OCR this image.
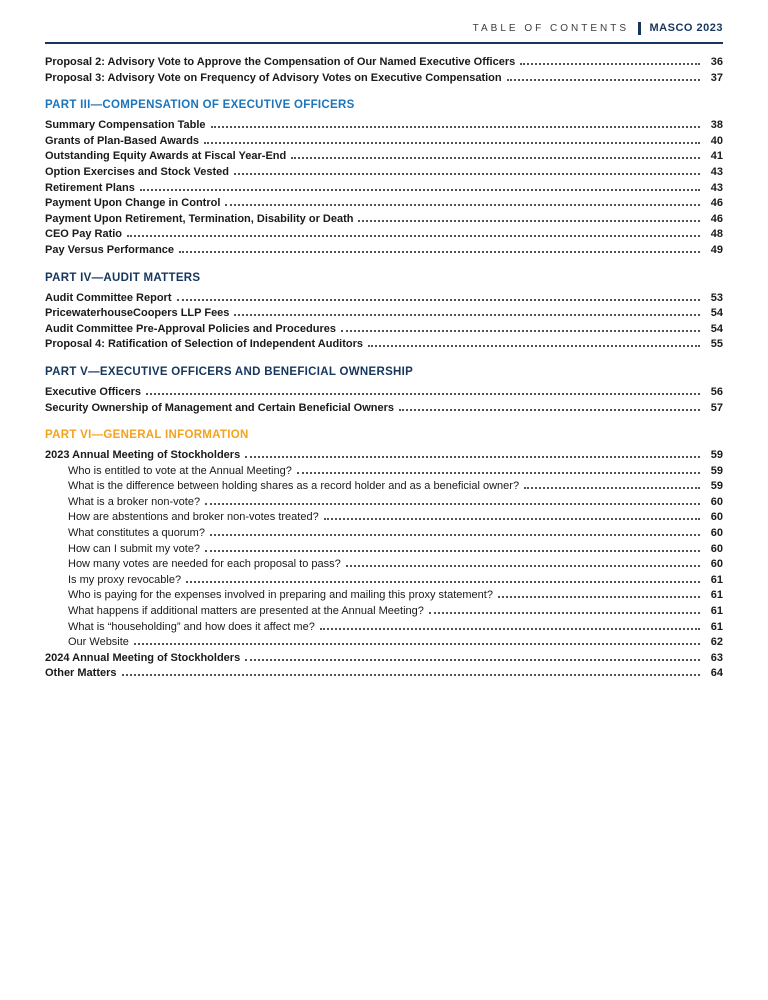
TABLE OF CONTENTS MASCO 2023
Proposal 2: Advisory Vote to Approve the Compensation of Our Named Executive Officers	36
Proposal 3: Advisory Vote on Frequency of Advisory Votes on Executive Compensation	37
PART III—COMPENSATION OF EXECUTIVE OFFICERS
Summary Compensation Table	38
Grants of Plan-Based Awards	40
Outstanding Equity Awards at Fiscal Year-End	41
Option Exercises and Stock Vested	43
Retirement Plans	43
Payment Upon Change in Control	46
Payment Upon Retirement, Termination, Disability or Death	46
CEO Pay Ratio	48
Pay Versus Performance	49
PART IV—AUDIT MATTERS
Audit Committee Report	53
PricewaterhouseCoopers LLP Fees	54
Audit Committee Pre-Approval Policies and Procedures	54
Proposal 4: Ratification of Selection of Independent Auditors	55
PART V—EXECUTIVE OFFICERS AND BENEFICIAL OWNERSHIP
Executive Officers	56
Security Ownership of Management and Certain Beneficial Owners	57
PART VI—GENERAL INFORMATION
2023 Annual Meeting of Stockholders	59
Who is entitled to vote at the Annual Meeting?	59
What is the difference between holding shares as a record holder and as a beneficial owner?	59
What is a broker non-vote?	60
How are abstentions and broker non-votes treated?	60
What constitutes a quorum?	60
How can I submit my vote?	60
How many votes are needed for each proposal to pass?	60
Is my proxy revocable?	61
Who is paying for the expenses involved in preparing and mailing this proxy statement?	61
What happens if additional matters are presented at the Annual Meeting?	61
What is “householding” and how does it affect me?	61
Our Website	62
2024 Annual Meeting of Stockholders	63
Other Matters	64
